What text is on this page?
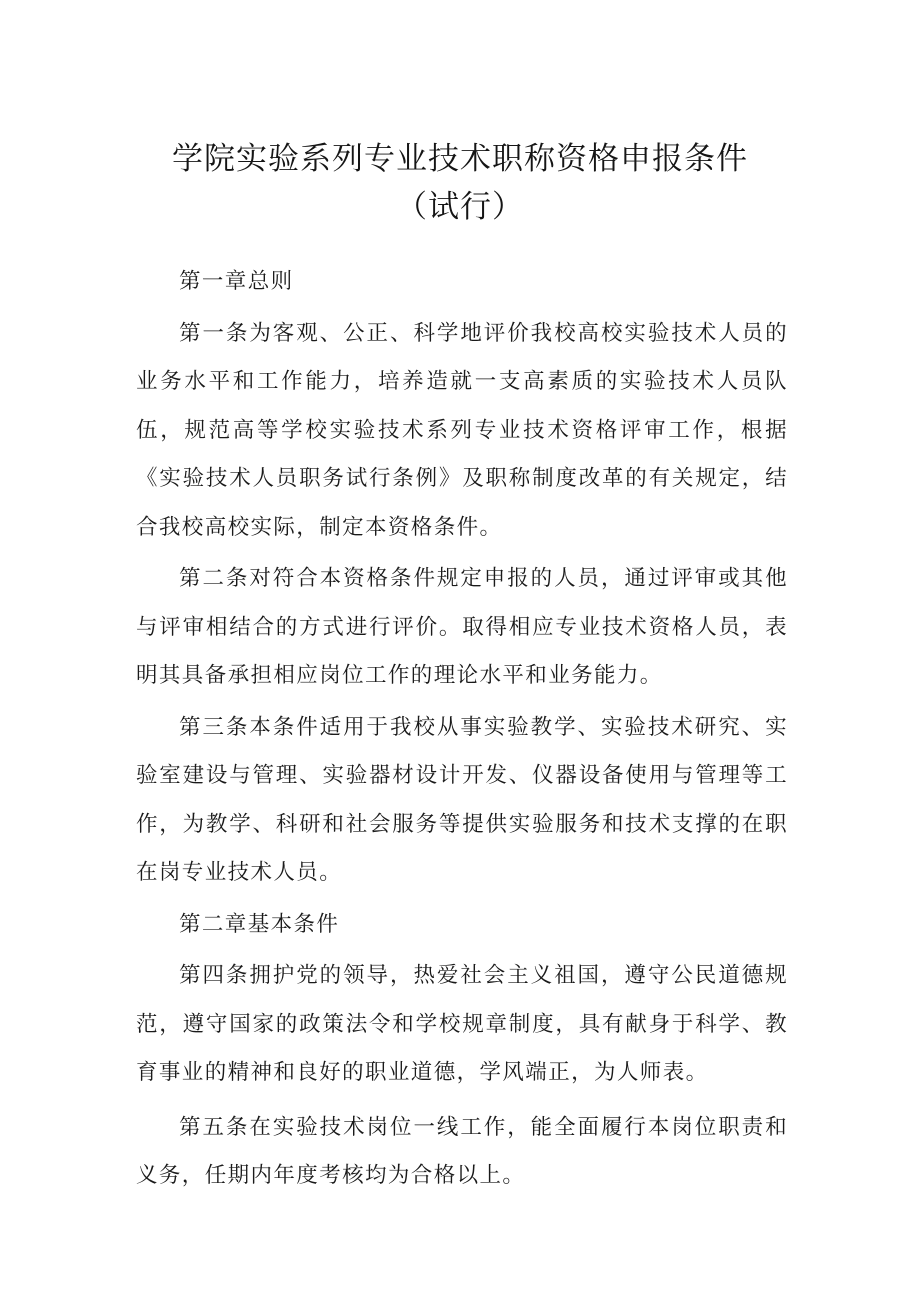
学院实验系列专业技术职称资格申报条件
（试行）

第一章总则

第一条为客观、公正、科学地评价我校高校实验技术人员的业务水平和工作能力，培养造就一支高素质的实验技术人员队伍，规范高等学校实验技术系列专业技术资格评审工作，根据《实验技术人员职务试行条例》及职称制度改革的有关规定，结合我校高校实际，制定本资格条件。

第二条对符合本资格条件规定申报的人员，通过评审或其他与评审相结合的方式进行评价。取得相应专业技术资格人员，表明其具备承担相应岗位工作的理论水平和业务能力。

第三条本条件适用于我校从事实验教学、实验技术研究、实验室建设与管理、实验器材设计开发、仪器设备使用与管理等工作，为教学、科研和社会服务等提供实验服务和技术支撑的在职在岗专业技术人员。

第二章基本条件

第四条拥护党的领导，热爱社会主义祖国，遵守公民道德规范，遵守国家的政策法令和学校规章制度，具有献身于科学、教育事业的精神和良好的职业道德，学风端正，为人师表。

第五条在实验技术岗位一线工作，能全面履行本岗位职责和义务，任期内年度考核均为合格以上。
